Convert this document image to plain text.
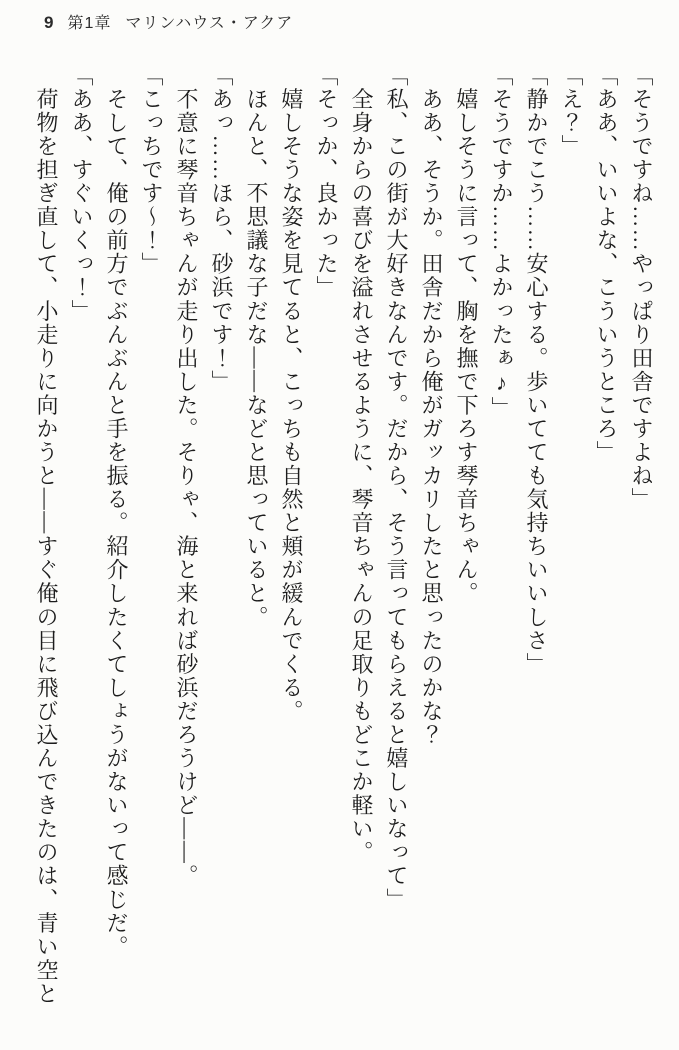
9 第1章 マリンハウス・アクア

「そうですね……やっぱり田舎ですよね」

「ああ、いいよな、こういうところ」

「え？」

「静かでこう……安心する。歩いてても気持ちいいしさ」

「そうですか……よかったぁ♪」

　嬉しそうに言って、胸を撫で下ろす琴音ちゃん。

　ああ、そうか。田舎だから俺がガッカリしたと思ったのかな？

「私、この街が大好きなんです。だから、そう言ってもらえると嬉しいなって」

　全身からの喜びを溢れさせるように、琴音ちゃんの足取りもどこか軽い。

「そっか、良かった」

　嬉しそうな姿を見てると、こっちも自然と頬が緩んでくる。

　ほんと、不思議な子だな――などと思っていると。

「あっ……ほら、砂浜です！」

　不意に琴音ちゃんが走り出した。そりゃ、海と来れば砂浜だろうけど――。

「こっちです〜！」

　そして、俺の前方でぶんぶんと手を振る。紹介したくてしょうがないって感じだ。

「ああ、すぐいくっ！」

　荷物を担ぎ直して、小走りに向かうと――すぐ俺の目に飛び込んできたのは、青い空と
